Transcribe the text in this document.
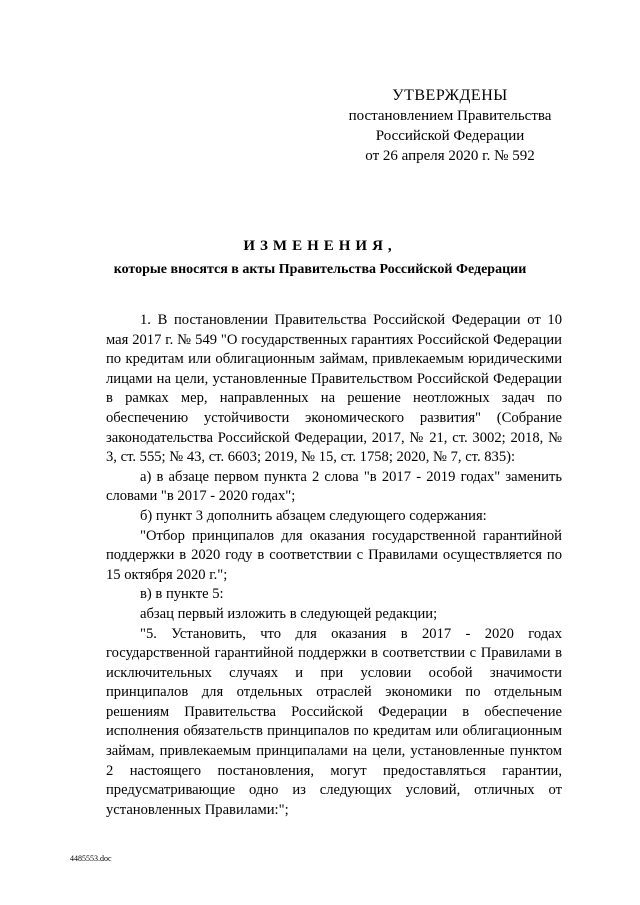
УТВЕРЖДЕНЫ
постановлением Правительства
Российской Федерации
от 26 апреля 2020 г. № 592
ИЗМЕНЕНИЯ,
которые вносятся в акты Правительства Российской Федерации

1. В постановлении Правительства Российской Федерации от 10 мая 2017 г. № 549 "О государственных гарантиях Российской Федерации по кредитам или облигационным займам, привлекаемым юридическими лицами на цели, установленные Правительством Российской Федерации в рамках мер, направленных на решение неотложных задач по обеспечению устойчивости экономического развития" (Собрание законодательства Российской Федерации, 2017, № 21, ст. 3002; 2018, № 3, ст. 555; № 43, ст. 6603; 2019, № 15, ст. 1758; 2020, № 7, ст. 835):

а) в абзаце первом пункта 2 слова "в 2017 - 2019 годах" заменить словами "в 2017 - 2020 годах";

б) пункт 3 дополнить абзацем следующего содержания:

"Отбор принципалов для оказания государственной гарантийной поддержки в 2020 году в соответствии с Правилами осуществляется по 15 октября 2020 г.";

в) в пункте 5:

абзац первый изложить в следующей редакции;

"5. Установить, что для оказания в 2017 - 2020 годах государственной гарантийной поддержки в соответствии с Правилами в исключительных случаях и при условии особой значимости принципалов для отдельных отраслей экономики по отдельным решениям Правительства Российской Федерации в обеспечение исполнения обязательств принципалов по кредитам или облигационным займам, привлекаемым принципалами на цели, установленные пунктом 2 настоящего постановления, могут предоставляться гарантии, предусматривающие одно из следующих условий, отличных от установленных Правилами:";

4485553.doc
